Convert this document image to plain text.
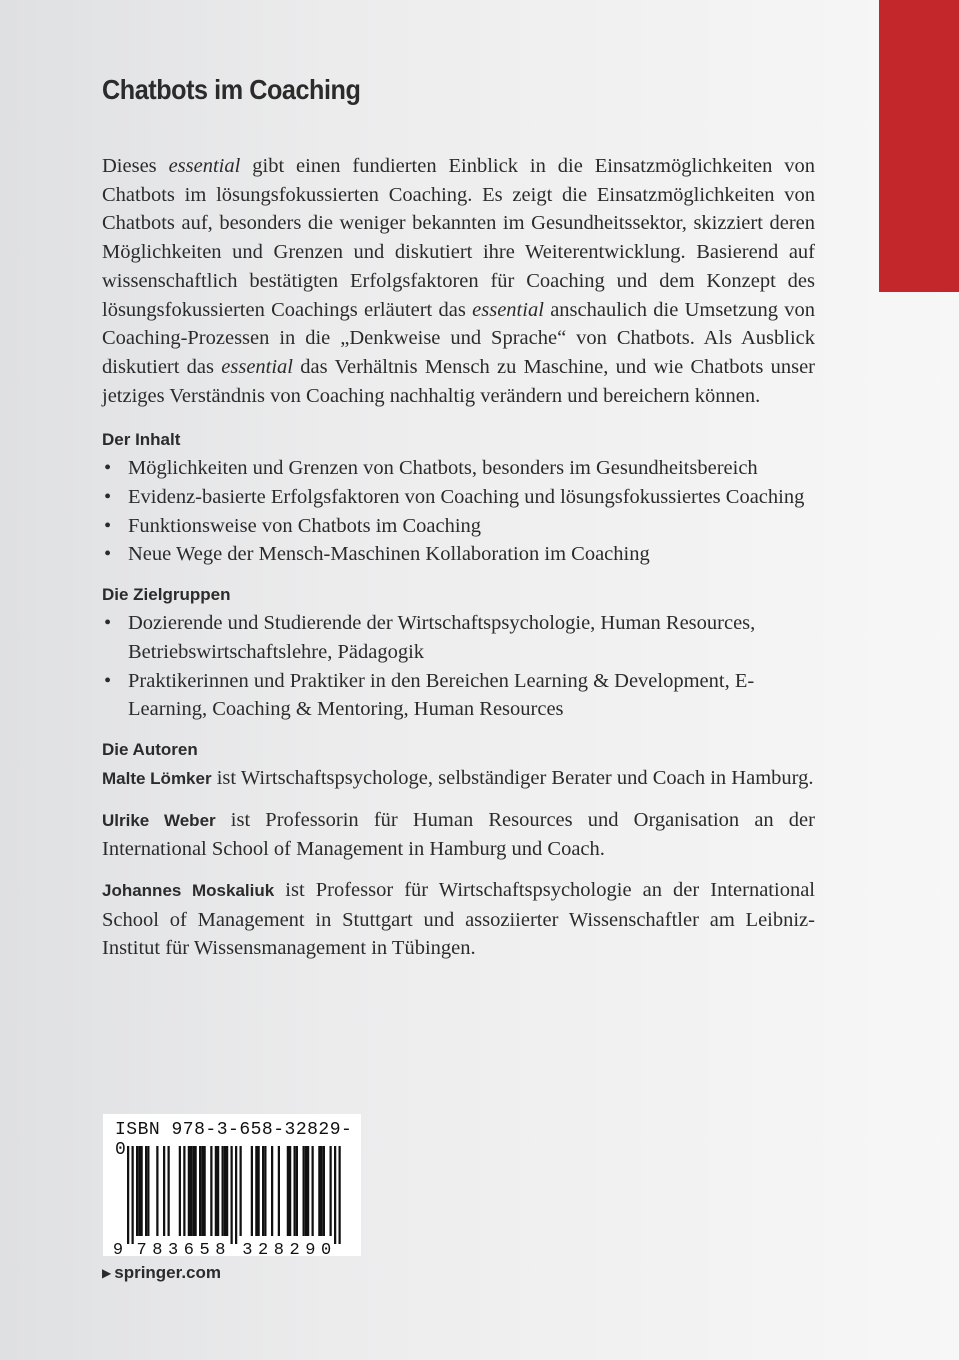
Chatbots im Coaching

Dieses essential gibt einen fundierten Einblick in die Einsatzmöglichkeiten von Chatbots im lösungsfokussierten Coaching. Es zeigt die Einsatzmöglichkeiten von Chatbots auf, besonders die weniger bekannten im Gesundheitssektor, skizziert deren Möglichkeiten und Grenzen und diskutiert ihre Weiterentwicklung. Basierend auf wissenschaftlich bestätigten Erfolgsfaktoren für Coaching und dem Konzept des lösungsfokussierten Coachings erläutert das essential anschaulich die Umsetzung von Coaching-Prozessen in die „Denkweise und Sprache“ von Chatbots. Als Ausblick diskutiert das essential das Verhältnis Mensch zu Maschine, und wie Chatbots unser jetziges Verständnis von Coaching nachhaltig verändern und bereichern können.

Der Inhalt
• Möglichkeiten und Grenzen von Chatbots, besonders im Gesundheitsbereich
• Evidenz-basierte Erfolgsfaktoren von Coaching und lösungsfokussiertes Coaching
• Funktionsweise von Chatbots im Coaching
• Neue Wege der Mensch-Maschinen Kollaboration im Coaching
Die Zielgruppen
• Dozierende und Studierende der Wirtschaftspsychologie, Human Resources, Betriebswirtschaftslehre, Pädagogik
• Praktikerinnen und Praktiker in den Bereichen Learning & Development, E-Learning, Coaching & Mentoring, Human Resources
Die Autoren

Malte Lömker ist Wirtschaftspsychologe, selbständiger Berater und Coach in Hamburg.

Ulrike Weber ist Professorin für Human Resources und Organisation an der International School of Management in Hamburg und Coach.

Johannes Moskaliuk ist Professor für Wirtschaftspsychologie an der International School of Management in Stuttgart und assoziierter Wissenschaftler am Leibniz-Institut für Wissensmanagement in Tübingen.

9 7 8 3 6 5 8 3 2 8 2 9 0
ISBN 978-3-658-32829-0
▶ springer.com
